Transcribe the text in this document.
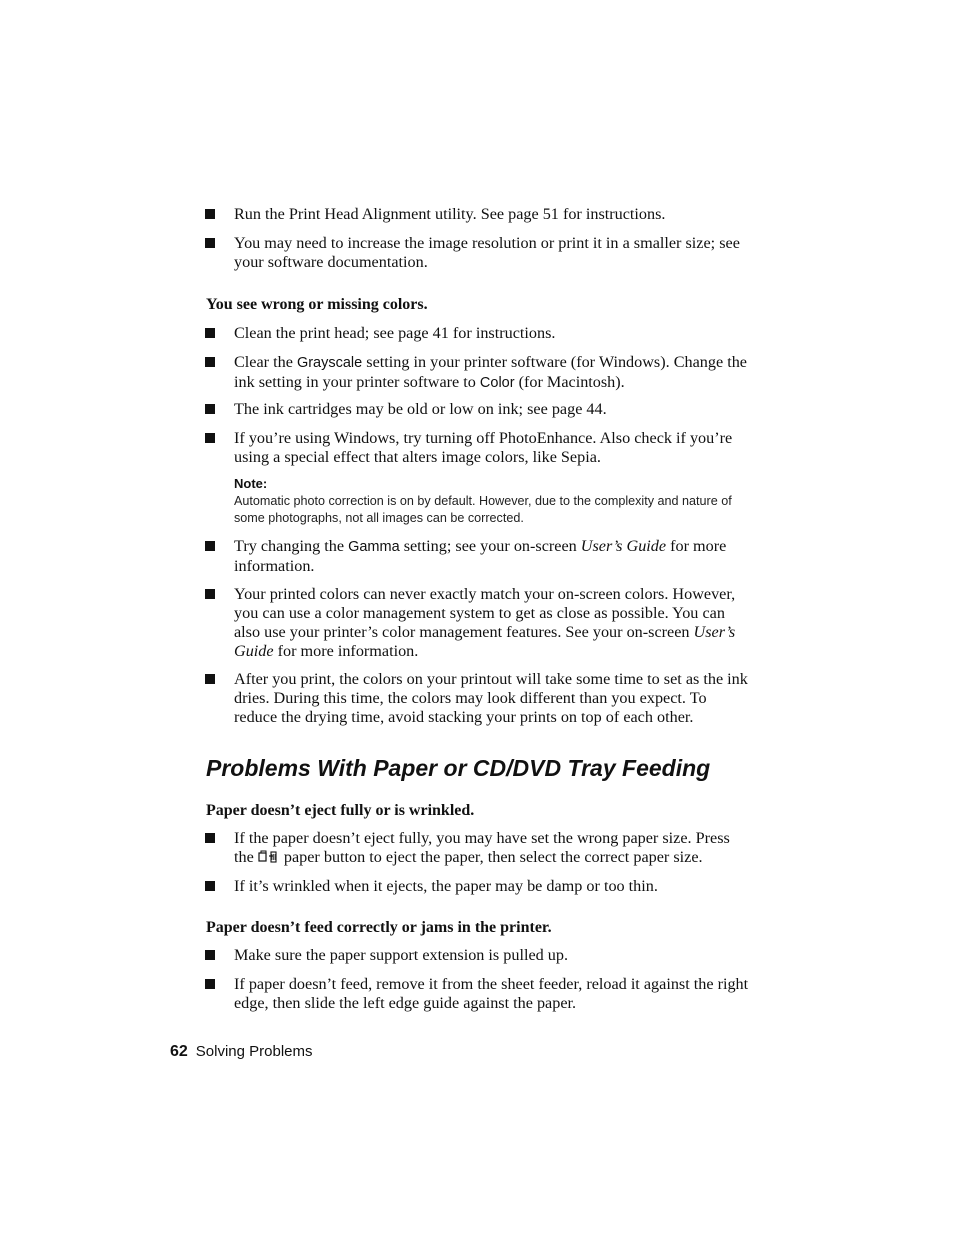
Run the Print Head Alignment utility. See page 51 for instructions.
You may need to increase the image resolution or print it in a smaller size; see your software documentation.
You see wrong or missing colors.
Clean the print head; see page 41 for instructions.
Clear the Grayscale setting in your printer software (for Windows). Change the ink setting in your printer software to Color (for Macintosh).
The ink cartridges may be old or low on ink; see page 44.
If you’re using Windows, try turning off PhotoEnhance. Also check if you’re using a special effect that alters image colors, like Sepia.
Note:
Automatic photo correction is on by default. However, due to the complexity and nature of some photographs, not all images can be corrected.
Try changing the Gamma setting; see your on-screen User’s Guide for more information.
Your printed colors can never exactly match your on-screen colors. However, you can use a color management system to get as close as possible. You can also use your printer’s color management features. See your on-screen User’s Guide for more information.
After you print, the colors on your printout will take some time to set as the ink dries. During this time, the colors may look different than you expect. To reduce the drying time, avoid stacking your prints on top of each other.
Problems With Paper or CD/DVD Tray Feeding
Paper doesn’t eject fully or is wrinkled.
If the paper doesn’t eject fully, you may have set the wrong paper size. Press the  paper button to eject the paper, then select the correct paper size.
If it’s wrinkled when it ejects, the paper may be damp or too thin.
Paper doesn’t feed correctly or jams in the printer.
Make sure the paper support extension is pulled up.
If paper doesn’t feed, remove it from the sheet feeder, reload it against the right edge, then slide the left edge guide against the paper.
62 Solving Problems
